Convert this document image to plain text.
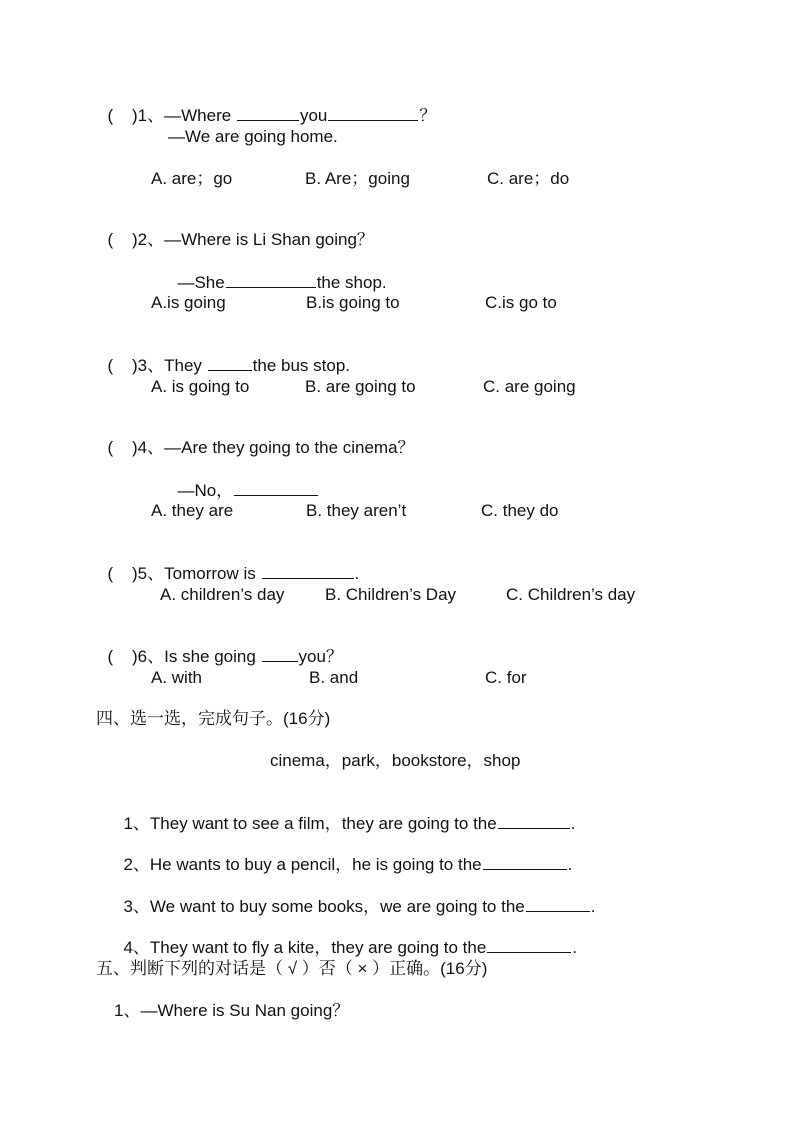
(    )1、—Where	you	？

—We are going home.
A. are；go	B. Are；going	C. are；do

(    )2、—Where is Li Shan going？

—She	the shop.

A.is going	B.is going to	C.is go to

(    )3、They	the bus stop.

A. is going to	B. are going to	C. are going

(    )4、—Are they going to the cinema？

—No，

A. they are	B. they aren’t	C. they do

(    )5、Tomorrow is	.

A. children’s day B. Children’s Day	C. Children’s day

(    )6、Is she going you？

A. with	B. and	C. for
四、选一选，完成句子。(16分)
cinema，park，bookstore，shop

1、They want to see a film，they are going to the	.

2、He wants to buy a pencil，he is going to the	.

3、We want to buy some books，we are going to the	.

4、They want to fly a kite，they are going to the	.

五、判断下列的对话是（ √ ）否（ × ）正确。(16分)
1、—Where is Su Nan going？
